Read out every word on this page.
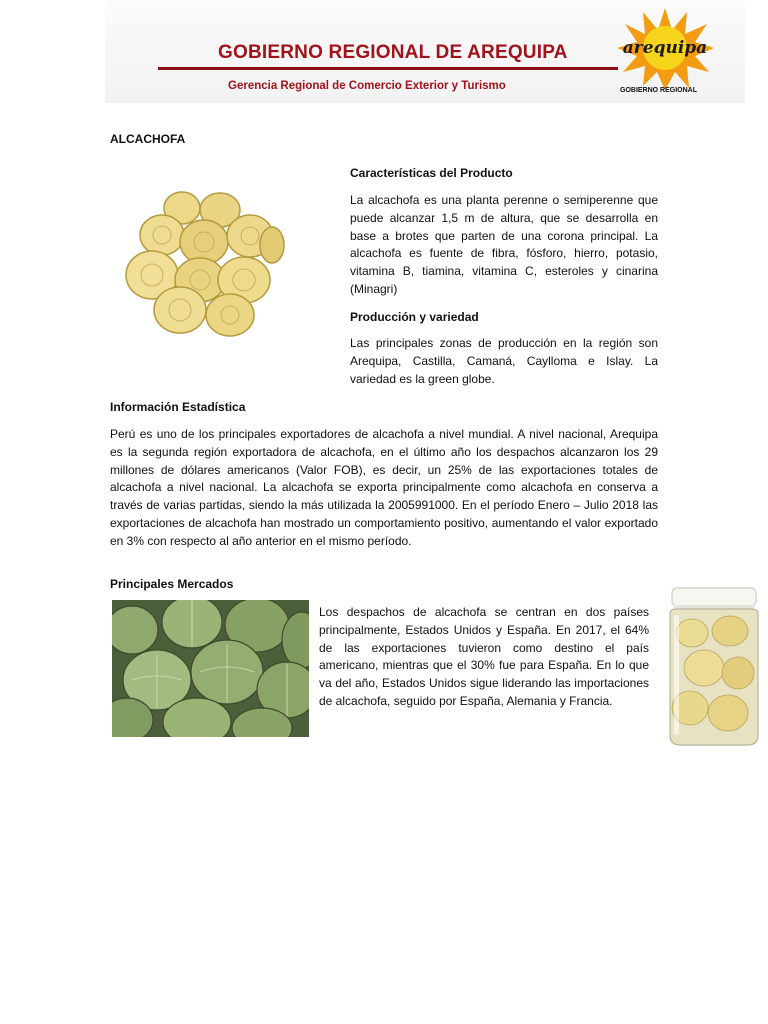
GOBIERNO REGIONAL DE AREQUIPA
Gerencia Regional de Comercio Exterior y Turismo
arequipa
GOBIERNO REGIONAL
ALCACHOFA
Características del Producto
La alcachofa es una planta perenne o semiperenne que puede alcanzar 1,5 m de altura, que se desarrolla en base a brotes que parten de una corona principal. La alcachofa es fuente de fibra, fósforo, hierro, potasio, vitamina B, tiamina, vitamina C, esteroles y cinarina (Minagri)
Producción y variedad
Las principales zonas de producción en la región son Arequipa, Castilla, Camaná, Caylloma e Islay. La variedad es la green globe.
Información Estadística
Perú es uno de los principales exportadores de alcachofa a nivel mundial. A nivel nacional, Arequipa es la segunda región exportadora de alcachofa, en el último año los despachos alcanzaron los 29 millones de dólares americanos (Valor FOB), es decir, un 25% de las exportaciones totales de alcachofa a nivel nacional. La alcachofa se exporta principalmente como alcachofa en conserva a través de varias partidas, siendo la más utilizada la 2005991000. En el período Enero – Julio 2018 las exportaciones de alcachofa han mostrado un comportamiento positivo, aumentando el valor exportado en 3% con respecto al año anterior en el mismo período.
Principales Mercados
Los despachos de alcachofa se centran en dos países principalmente, Estados Unidos y España. En 2017, el 64% de las exportaciones tuvieron como destino el país americano, mientras que el 30% fue para España. En lo que va del año, Estados Unidos sigue liderando las importaciones de alcachofa, seguido por España, Alemania y Francia.
